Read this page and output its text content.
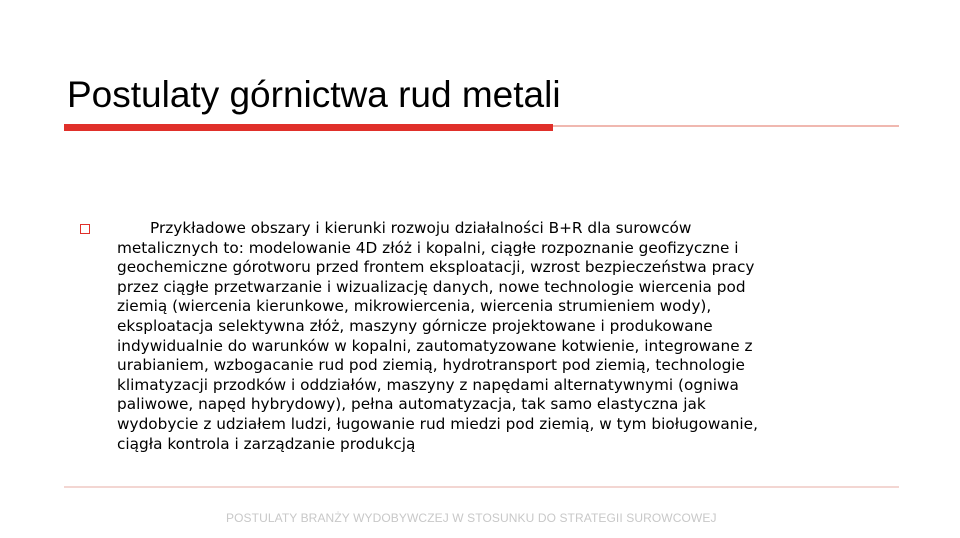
Postulaty górnictwa rud metali
Przykładowe obszary i kierunki rozwoju działalności B+R dla surowców
metalicznych to: modelowanie 4D złóż i kopalni, ciągłe rozpoznanie geofizyczne i
geochemiczne górotworu przed frontem eksploatacji, wzrost bezpieczeństwa pracy
przez ciągłe przetwarzanie i wizualizację danych, nowe technologie wiercenia pod
ziemią (wiercenia kierunkowe, mikrowiercenia, wiercenia strumieniem wody),
eksploatacja selektywna złóż, maszyny górnicze projektowane i produkowane
indywidualnie do warunków w kopalni, zautomatyzowane kotwienie, integrowane z
urabianiem, wzbogacanie rud pod ziemią, hydrotransport pod ziemią, technologie
klimatyzacji przodków i oddziałów, maszyny z napędami alternatywnymi (ogniwa
paliwowe, napęd hybrydowy), pełna automatyzacja, tak samo elastyczna jak
wydobycie z udziałem ludzi, ługowanie rud miedzi pod ziemią, w tym bioługowanie,
ciągła kontrola i zarządzanie produkcją

POSTULATY BRANŻY WYDOBYWCZEJ W STOSUNKU DO STRATEGII SUROWCOWEJ
